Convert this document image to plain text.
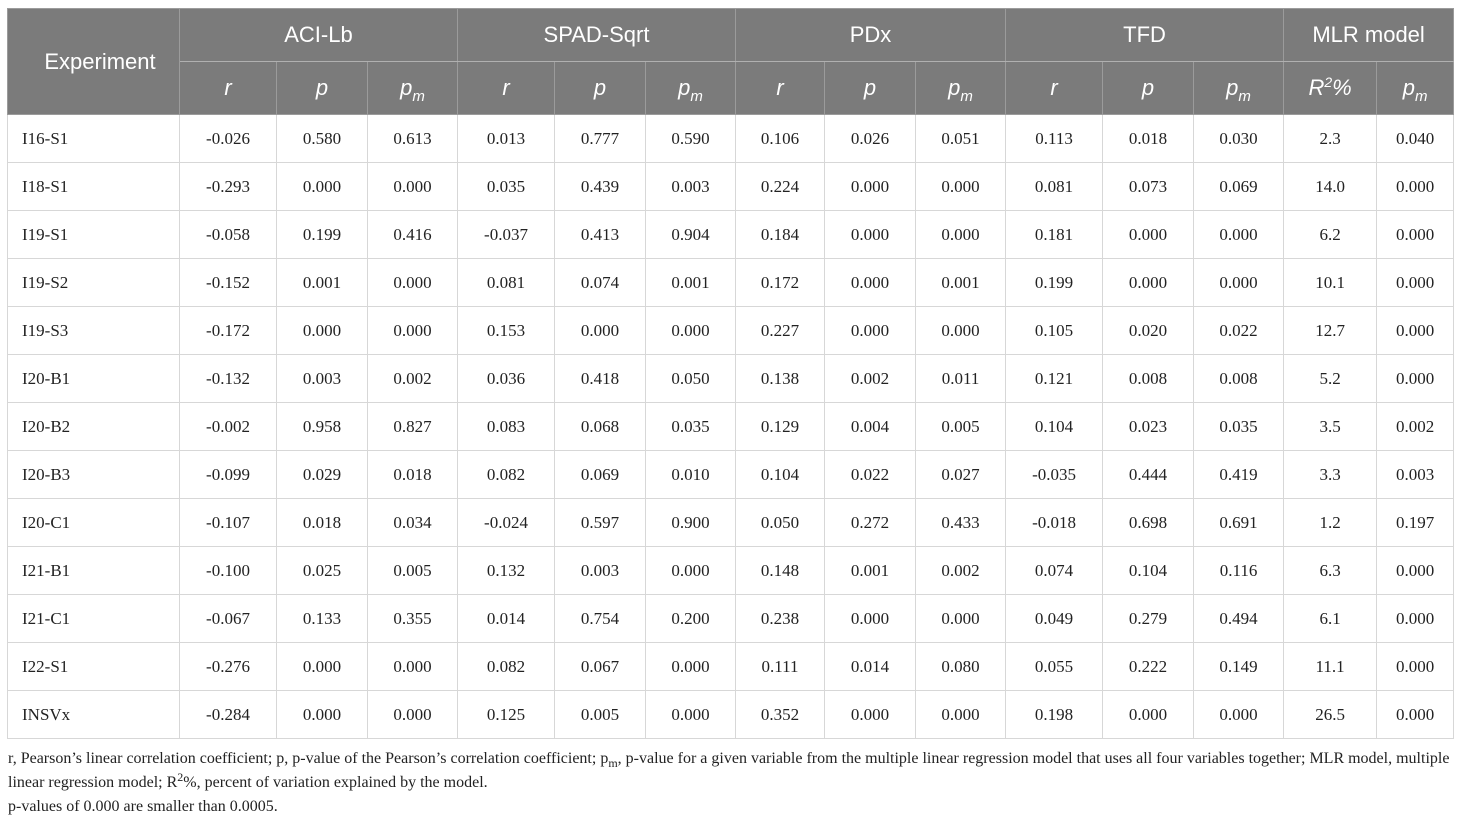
Experiment	ACI-Lb			SPAD-Sqrt			PDx			TFD			MLR model	
	r	p	$p_m$	r	p	$p_m$	r	p	$p_m$	r	p	$p_m$	$R^2\%$	$p_m$
I16-S1	-0.026	0.580	0.613	0.013	0.777	0.590	0.106	0.026	0.051	0.113	0.018	0.030	2.3	0.040
I18-S1	-0.293	0.000	0.000	0.035	0.439	0.003	0.224	0.000	0.000	0.081	0.073	0.069	14.0	0.000
I19-S1	-0.058	0.199	0.416	-0.037	0.413	0.904	0.184	0.000	0.000	0.181	0.000	0.000	6.2	0.000
I19-S2	-0.152	0.001	0.000	0.081	0.074	0.001	0.172	0.000	0.001	0.199	0.000	0.000	10.1	0.000
I19-S3	-0.172	0.000	0.000	0.153	0.000	0.000	0.227	0.000	0.000	0.105	0.020	0.022	12.7	0.000
I20-B1	-0.132	0.003	0.002	0.036	0.418	0.050	0.138	0.002	0.011	0.121	0.008	0.008	5.2	0.000
I20-B2	-0.002	0.958	0.827	0.083	0.068	0.035	0.129	0.004	0.005	0.104	0.023	0.035	3.5	0.002
I20-B3	-0.099	0.029	0.018	0.082	0.069	0.010	0.104	0.022	0.027	-0.035	0.444	0.419	3.3	0.003
I20-C1	-0.107	0.018	0.034	-0.024	0.597	0.900	0.050	0.272	0.433	-0.018	0.698	0.691	1.2	0.197
I21-B1	-0.100	0.025	0.005	0.132	0.003	0.000	0.148	0.001	0.002	0.074	0.104	0.116	6.3	0.000
I21-C1	-0.067	0.133	0.355	0.014	0.754	0.200	0.238	0.000	0.000	0.049	0.279	0.494	6.1	0.000
I22-S1	-0.276	0.000	0.000	0.082	0.067	0.000	0.111	0.014	0.080	0.055	0.222	0.149	11.1	0.000
INSVx	-0.284	0.000	0.000	0.125	0.005	0.000	0.352	0.000	0.000	0.198	0.000	0.000	26.5	0.000
r, Pearson’s linear correlation coefficient; p, p-value of the Pearson’s correlation coefficient; $p_m$, p-value for a given variable from the multiple linear regression model that uses all four variables together; MLR model, multiple linear regression model; $R^2\%$, percent of variation explained by the model.
p-values of 0.000 are smaller than 0.0005.
